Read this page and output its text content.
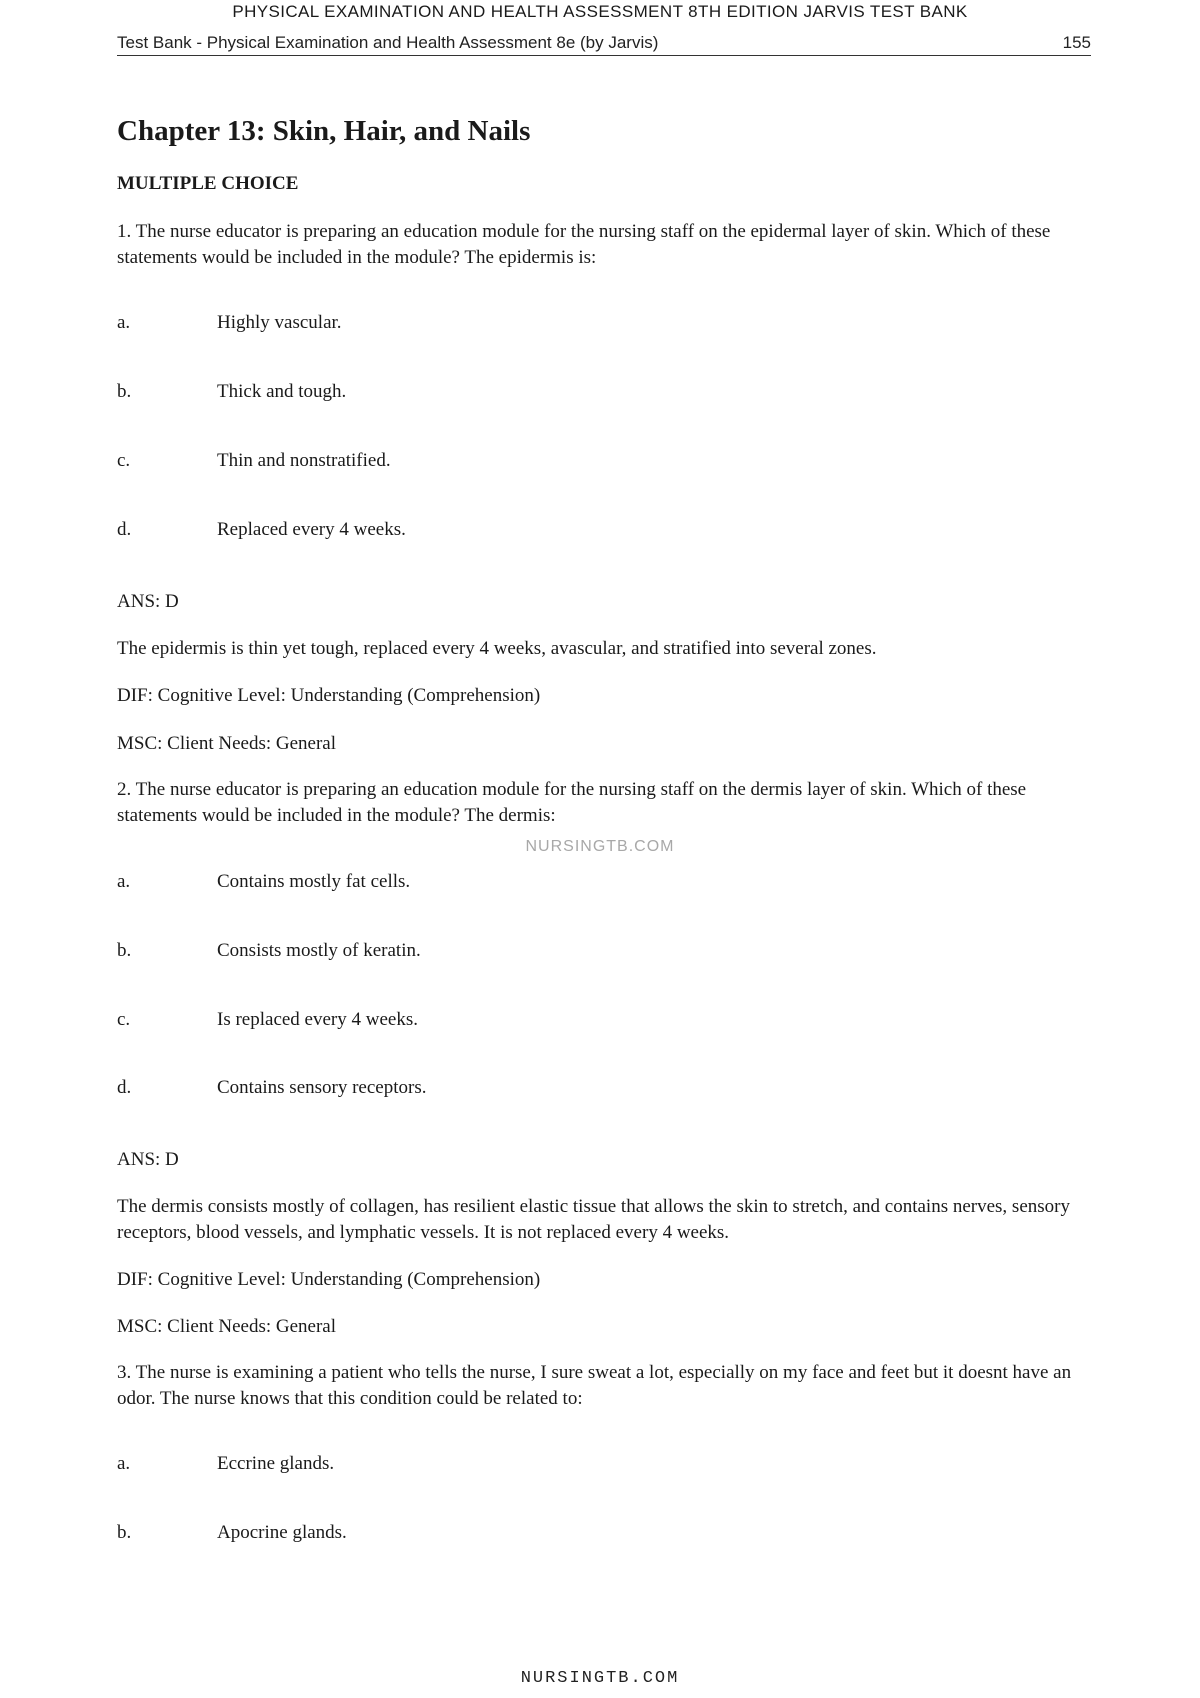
PHYSICAL EXAMINATION AND HEALTH ASSESSMENT 8TH EDITION JARVIS TEST BANK
Test Bank - Physical Examination and Health Assessment 8e (by Jarvis)	155
Chapter 13: Skin, Hair, and Nails
MULTIPLE CHOICE

1. The nurse educator is preparing an education module for the nursing staff on the epidermal layer of skin. Which of these statements would be included in the module? The epidermis is:

a.	Highly vascular.
b.	Thick and tough.
c.	Thin and nonstratified.
d.	Replaced every 4 weeks.

ANS: D

The epidermis is thin yet tough, replaced every 4 weeks, avascular, and stratified into several zones.

DIF: Cognitive Level: Understanding (Comprehension)

MSC: Client Needs: General

2. The nurse educator is preparing an education module for the nursing staff on the dermis layer of skin. Which of these statements would be included in the module? The dermis:

NURSINGTB.COM
a.	Contains mostly fat cells.
b.	Consists mostly of keratin.
c.	Is replaced every 4 weeks.
d.	Contains sensory receptors.

ANS: D

The dermis consists mostly of collagen, has resilient elastic tissue that allows the skin to stretch, and contains nerves, sensory receptors, blood vessels, and lymphatic vessels. It is not replaced every 4 weeks.

DIF: Cognitive Level: Understanding (Comprehension)

MSC: Client Needs: General

3. The nurse is examining a patient who tells the nurse, I sure sweat a lot, especially on my face and feet but it doesnt have an odor. The nurse knows that this condition could be related to:

a.	Eccrine glands.
b.	Apocrine glands.
NURSINGTB.COM
